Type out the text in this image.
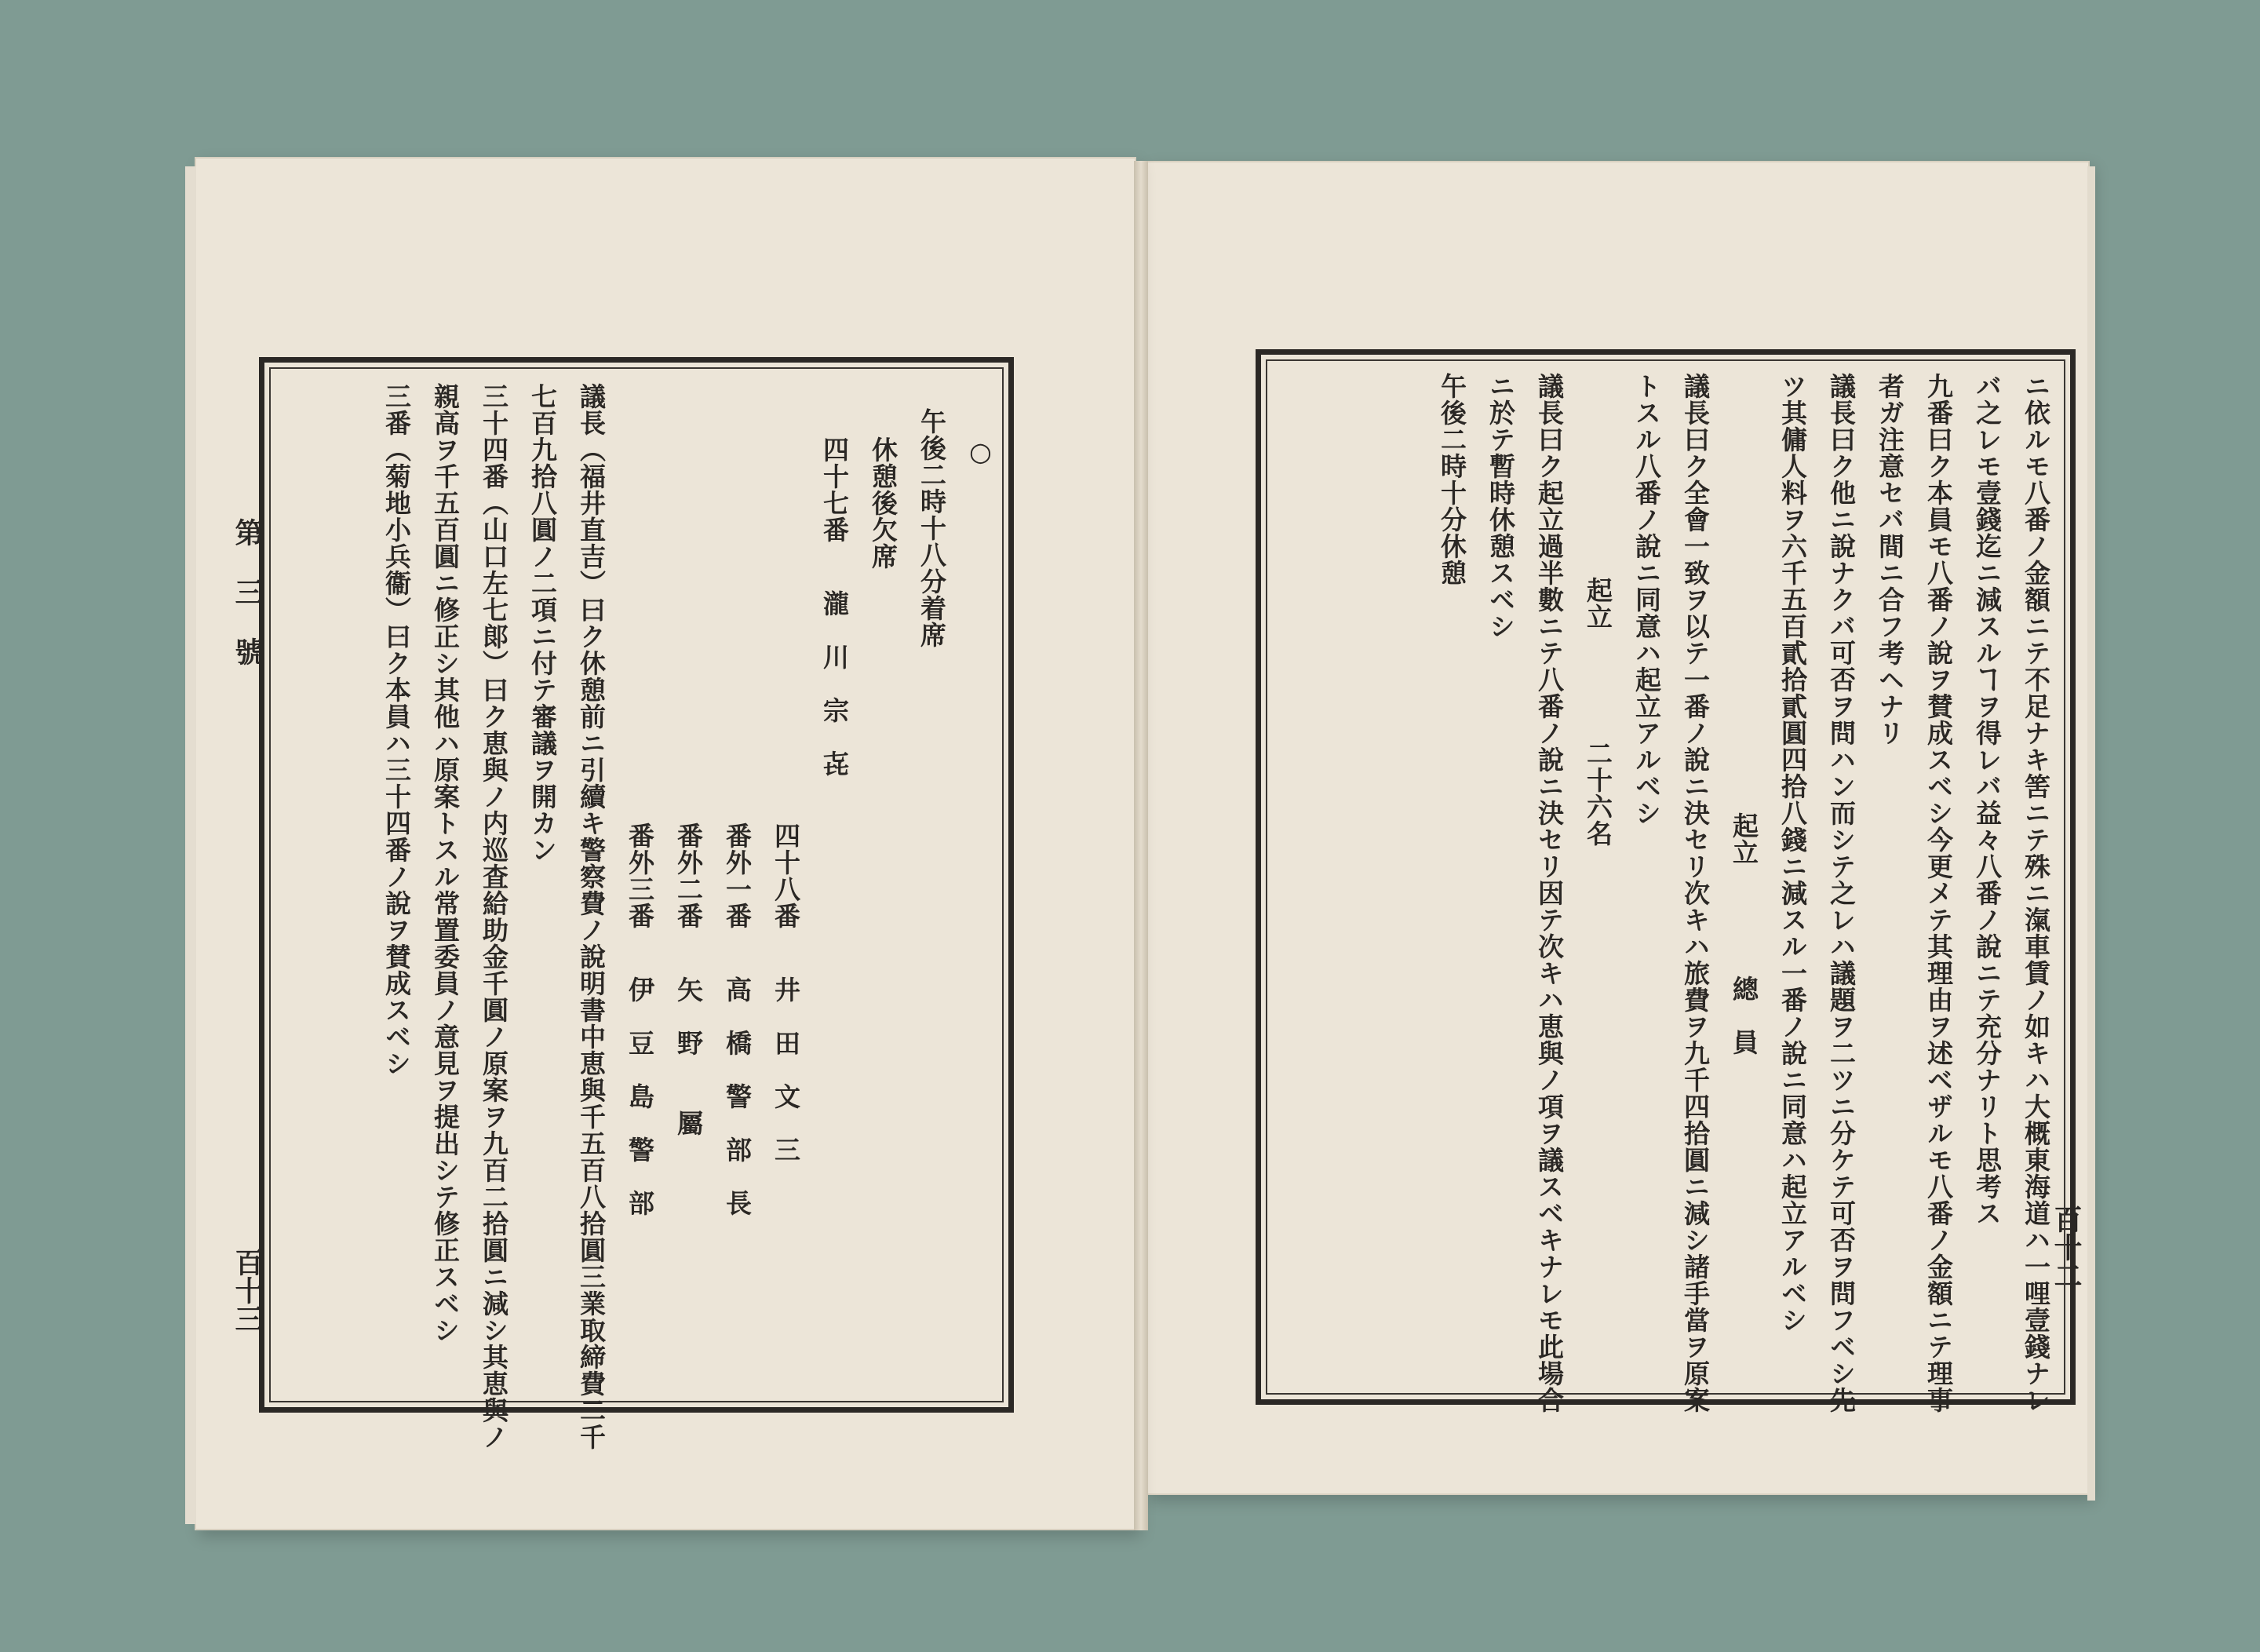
第三號
百十三
○
午後二時十八分着席
休憩後欠席
四十七番瀧　川　宗　㐂
四十八番井　田　文　三
番外一番高　橋　警　部　長
番外二番矢　野　　屬
番外三番伊　豆　島　警　部
議長（福井直吉）曰ク休憩前ニ引續キ警察費ノ說明書中恵與千五百八拾圓三業取締費二千
七百九拾八圓ノ二項ニ付テ審議ヲ開カン
三十四番（山口左七郞）曰ク恵與ノ内巡査給助金千圓ノ原案ヲ九百二拾圓ニ減シ其恵與ノ
親高ヲ千五百圓ニ修正シ其他ハ原案トスル常置委員ノ意見ヲ提出シテ修正スベシ
三番（菊地小兵衞）曰ク本員ハ三十四番ノ說ヲ賛成スベシ
百十二
ニ依ルモ八番ノ金額ニテ不足ナキ筈ニテ殊ニ滊車賃ノ如キハ大概東海道ハ一哩壹錢ナレ
バ之レモ壹錢迄ニ減スルヿヲ得レバ益々八番ノ說ニテ充分ナリト思考ス
九番曰ク本員モ八番ノ說ヲ賛成スベシ今更メテ其理由ヲ述ベザルモ八番ノ金額ニテ理事
者ガ注意セバ間ニ合フ考ヘナリ
議長曰ク他ニ說ナクバ可否ヲ問ハン而シテ之レハ議題ヲ二ツニ分ケテ可否ヲ問フベシ先
ツ其傭人料ヲ六千五百貳拾貳圓四拾八錢ニ減スル一番ノ說ニ同意ハ起立アルベシ
起立總　員
議長曰ク全會一致ヲ以テ一番ノ說ニ決セリ次キハ旅費ヲ九千四拾圓ニ減シ諸手當ヲ原案
トスル八番ノ說ニ同意ハ起立アルベシ
起立二十六名
議長曰ク起立過半數ニテ八番ノ說ニ決セリ因テ次キハ恵與ノ項ヲ議スベキナレモ此場合
ニ於テ暫時休憩スベシ
午後二時十分休憩
